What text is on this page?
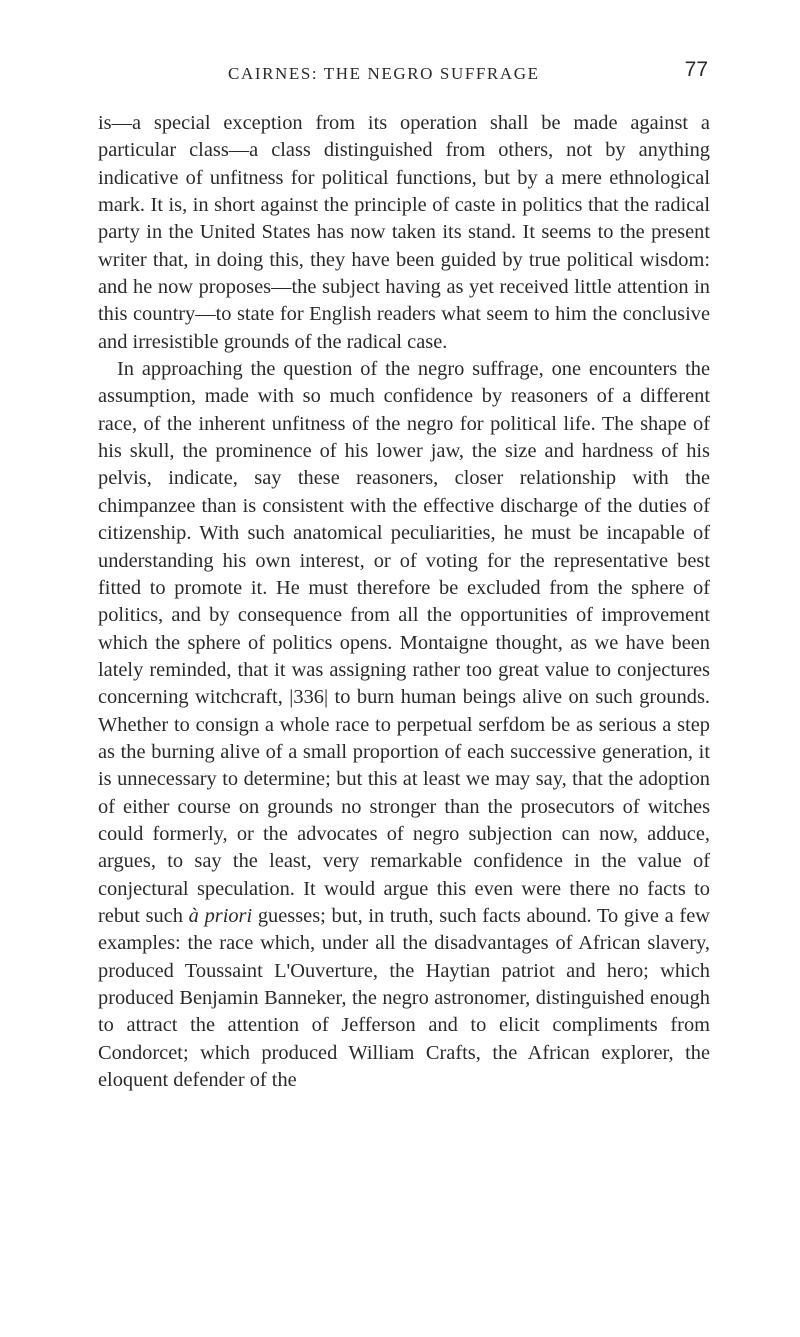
CAIRNES: THE NEGRO SUFFRAGE	77

is—a special exception from its operation shall be made against a particular class—a class distinguished from others, not by anything indicative of unfitness for political functions, but by a mere ethnological mark. It is, in short against the principle of caste in politics that the radical party in the United States has now taken its stand. It seems to the present writer that, in doing this, they have been guided by true political wisdom: and he now proposes—the subject having as yet received little attention in this country—to state for English readers what seem to him the conclusive and irresistible grounds of the radical case.

In approaching the question of the negro suffrage, one encounters the assumption, made with so much confidence by reasoners of a different race, of the inherent unfitness of the negro for political life. The shape of his skull, the prominence of his lower jaw, the size and hardness of his pelvis, indicate, say these reasoners, closer relationship with the chimpanzee than is consistent with the effective discharge of the duties of citizenship. With such anatomical peculiarities, he must be incapable of understanding his own interest, or of voting for the representative best fitted to promote it. He must therefore be excluded from the sphere of politics, and by consequence from all the opportunities of improvement which the sphere of politics opens. Montaigne thought, as we have been lately reminded, that it was assigning rather too great value to conjectures concerning witchcraft, |336| to burn human beings alive on such grounds. Whether to consign a whole race to perpetual serfdom be as serious a step as the burning alive of a small proportion of each successive generation, it is unnecessary to determine; but this at least we may say, that the adoption of either course on grounds no stronger than the prosecutors of witches could formerly, or the advocates of negro subjection can now, adduce, argues, to say the least, very remarkable confidence in the value of conjectural speculation. It would argue this even were there no facts to rebut such à priori guesses; but, in truth, such facts abound. To give a few examples: the race which, under all the disadvantages of African slavery, produced Toussaint L'Ouverture, the Haytian patriot and hero; which produced Benjamin Banneker, the negro astronomer, distinguished enough to attract the attention of Jefferson and to elicit compliments from Condorcet; which produced William Crafts, the African explorer, the eloquent defender of the
